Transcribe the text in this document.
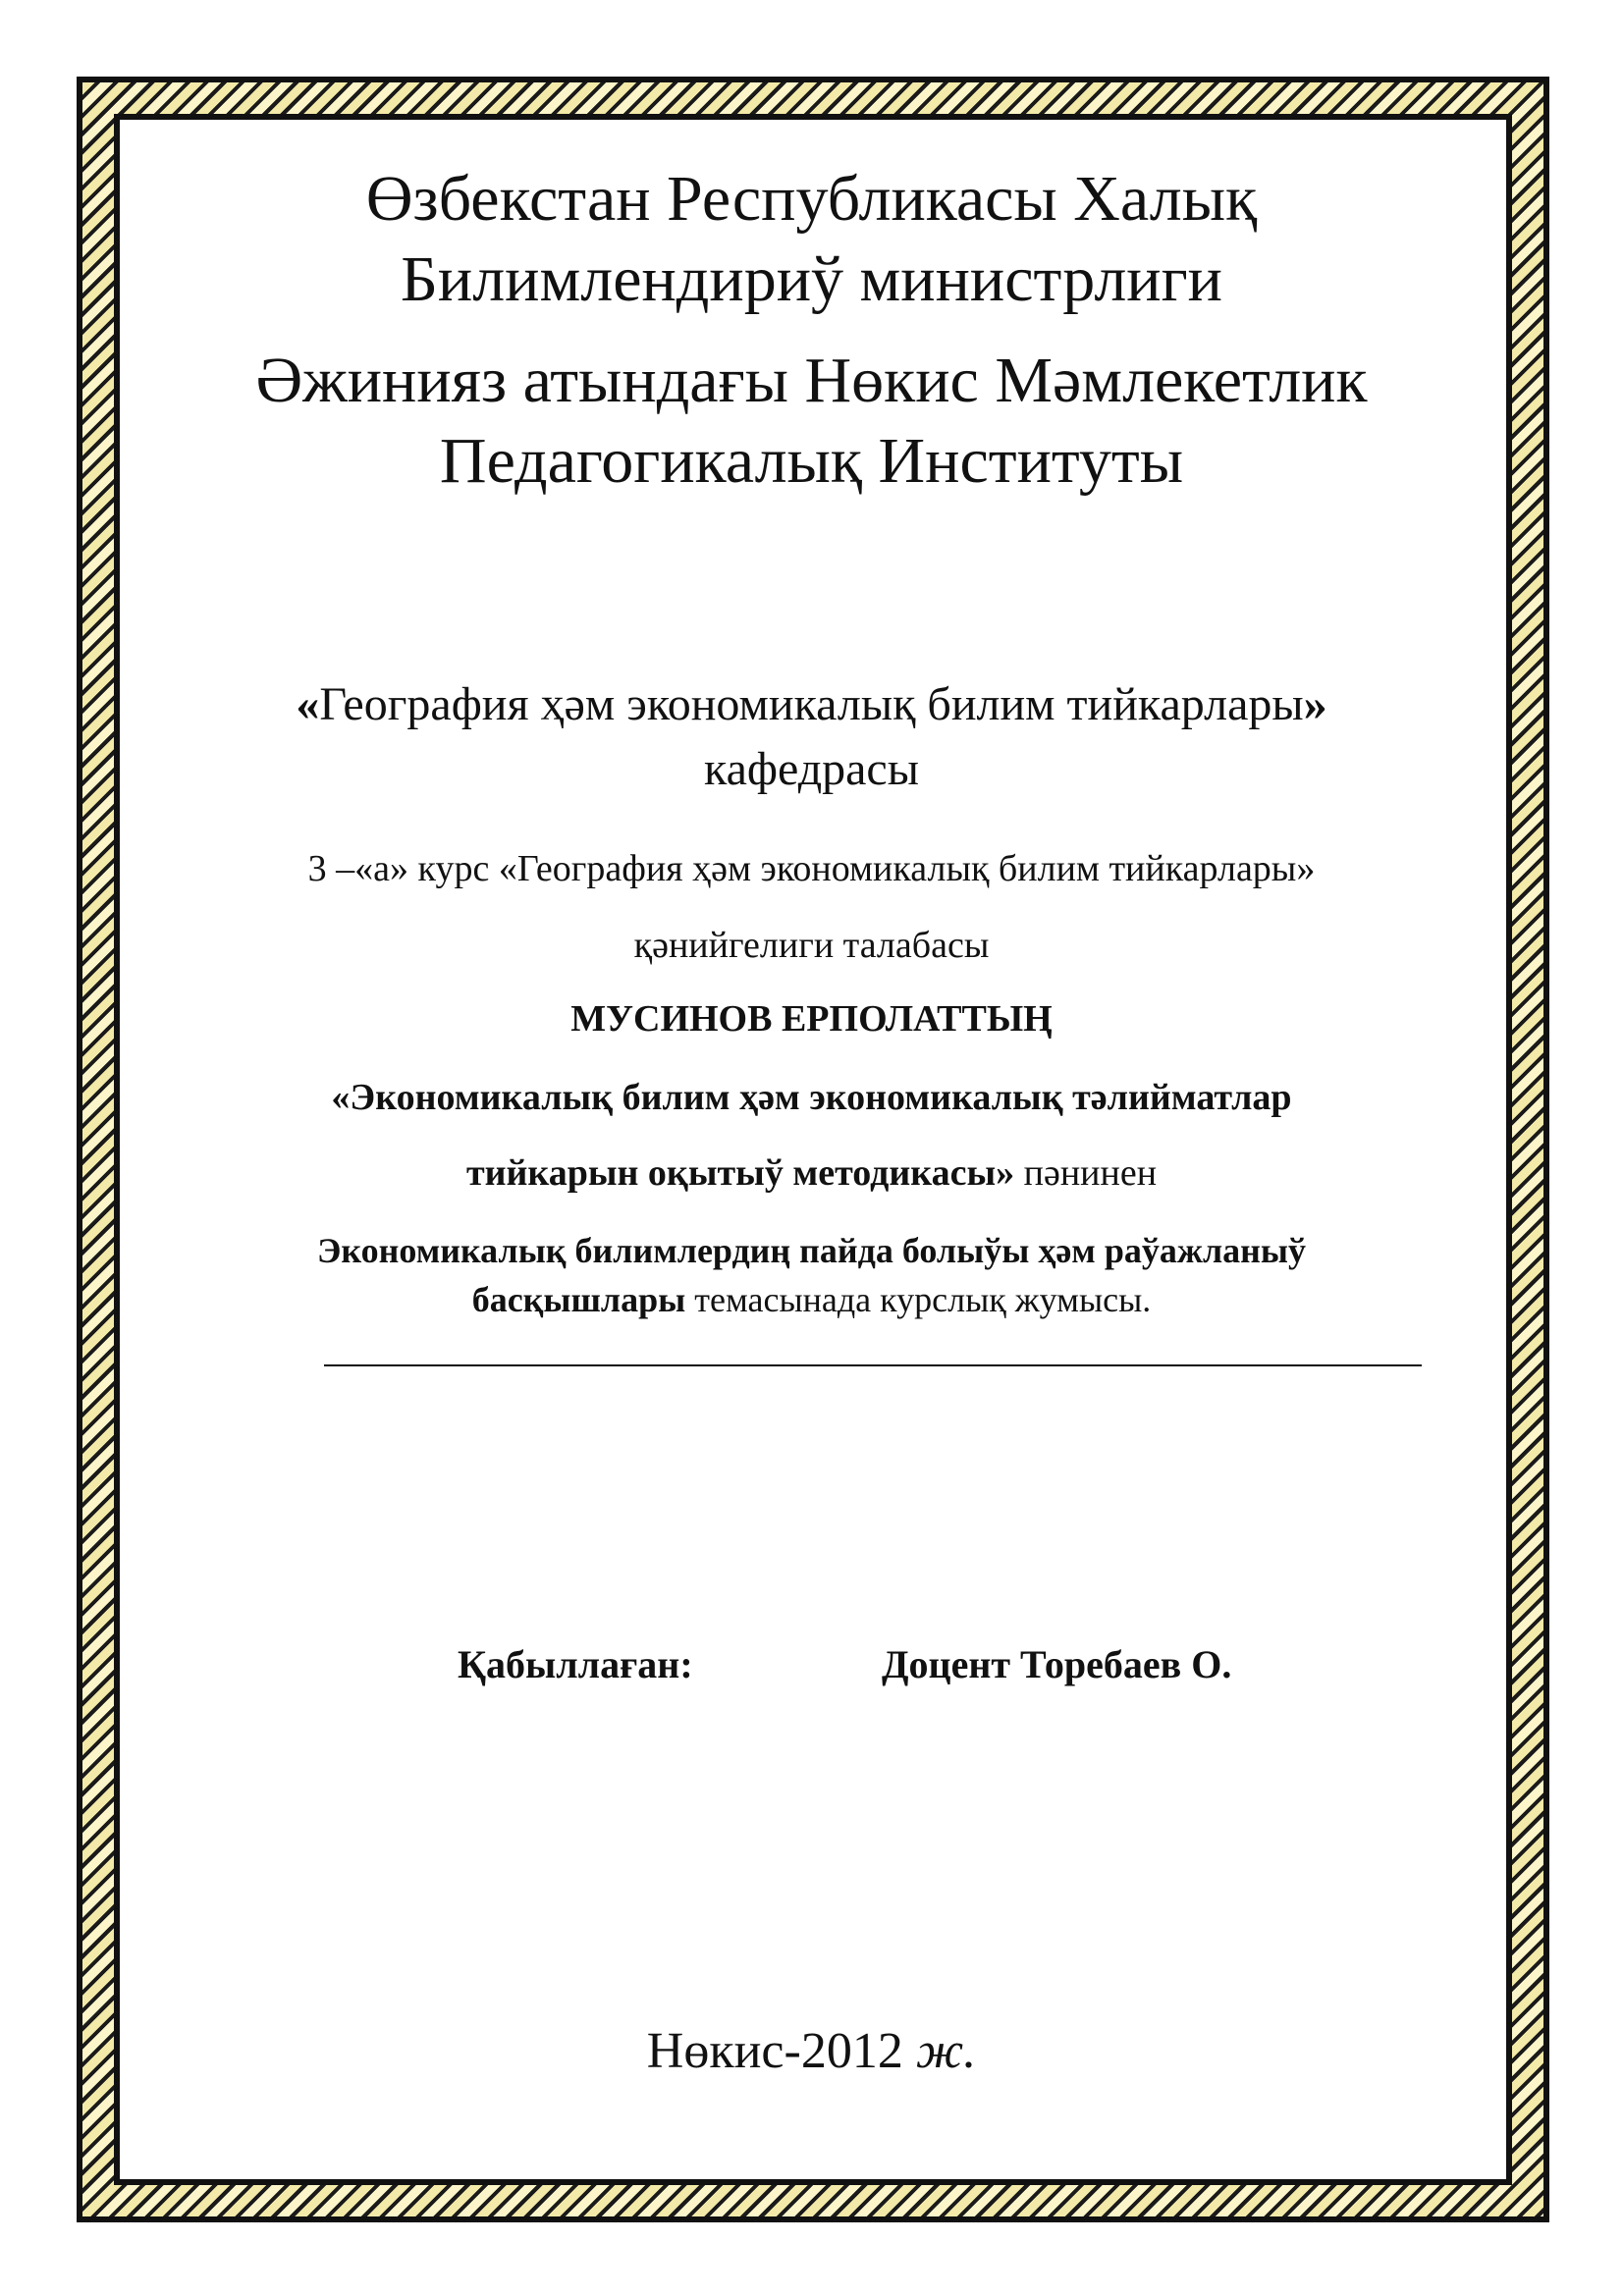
Өзбекстан Республикасы Халық
Билимлендириў министрлиги
Әжинияз атындағы Нөкис Мәмлекетлик
Педагогикалық Институты
«География ҳәм экономикалық билим тийкарлары»
кафедрасы
3 –«а» курс «География ҳәм экономикалық билим тийкарлары»
қәнийгелиги талабасы
МУСИНОВ ЕРПОЛАТТЫҢ
«Экономикалық билим ҳәм экономикалық тәлийматлар
тийкарын оқытыў методикасы» пәнинен
Экономикалық билимлердиң пайда болыўы ҳәм раўажланыў
басқышлары темасынада курслық жумысы.
Қабыллаған:	Доцент Торебаев О.
Нөкис-2012 ж.
